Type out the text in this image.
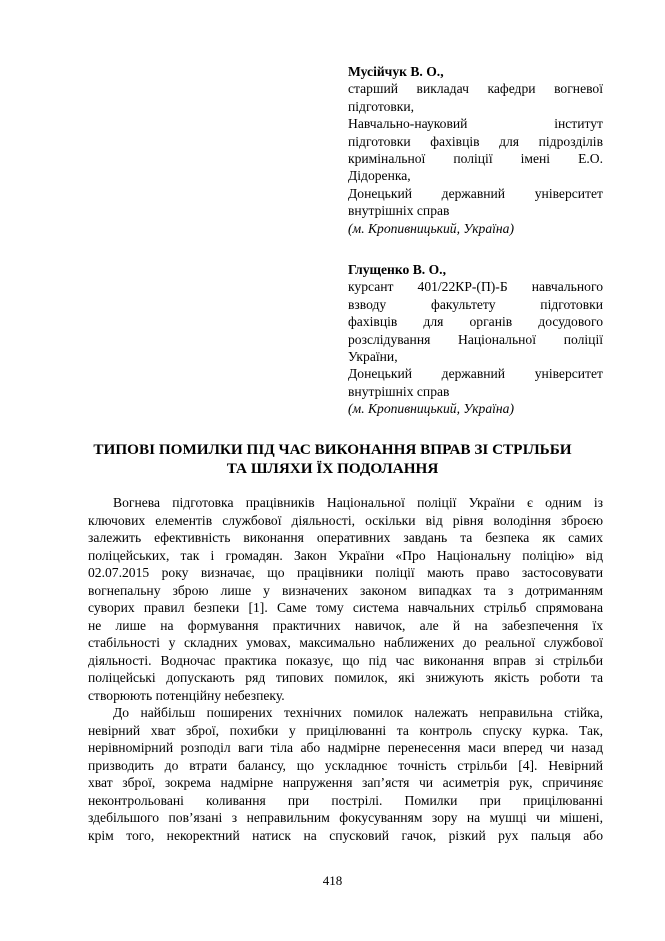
Мусійчук В. О.,
старший викладач кафедри вогневої
підготовки,
Навчально-науковий інститут
підготовки фахівців для підрозділів
кримінальної поліції імені Е.О.
Дідоренка,
Донецький державний університет
внутрішніх справ
(м. Кропивницький, Україна)
Глущенко В. О.,
курсант 401/22КР-(П)-Б навчального
взводу факультету підготовки
фахівців для органів досудового
розслідування Національної поліції
України,
Донецький державний університет
внутрішніх справ
(м. Кропивницький, Україна)
ТИПОВІ ПОМИЛКИ ПІД ЧАС ВИКОНАННЯ ВПРАВ ЗІ СТРІЛЬБИ
ТА ШЛЯХИ ЇХ ПОДОЛАННЯ
Вогнева підготовка працівників Національної поліції України є одним із
ключових елементів службової діяльності, оскільки від рівня володіння зброєю
залежить ефективність виконання оперативних завдань та безпека як самих
поліцейських, так і громадян. Закон України «Про Національну поліцію» від
02.07.2015 року визначає, що працівники поліції мають право застосовувати
вогнепальну зброю лише у визначених законом випадках та з дотриманням
суворих правил безпеки [1]. Саме тому система навчальних стрільб спрямована
не лише на формування практичних навичок, але й на забезпечення їх
стабільності у складних умовах, максимально наближених до реальної службової
діяльності. Водночас практика показує, що під час виконання вправ зі стрільби
поліцейські допускають ряд типових помилок, які знижують якість роботи та
створюють потенційну небезпеку.
До найбільш поширених технічних помилок належать неправильна стійка,
невірний хват зброї, похибки у прицілюванні та контроль спуску курка. Так,
нерівномірний розподіл ваги тіла або надмірне перенесення маси вперед чи назад
призводить до втрати балансу, що ускладнює точність стрільби [4]. Невірний
хват зброї, зокрема надмірне напруження зап’ястя чи асиметрія рук, спричиняє
неконтрольовані коливання при пострілі. Помилки при прицілюванні
здебільшого пов’язані з неправильним фокусуванням зору на мушці чи мішені,
крім того, некоректний натиск на спусковий гачок, різкий рух пальця або
418
